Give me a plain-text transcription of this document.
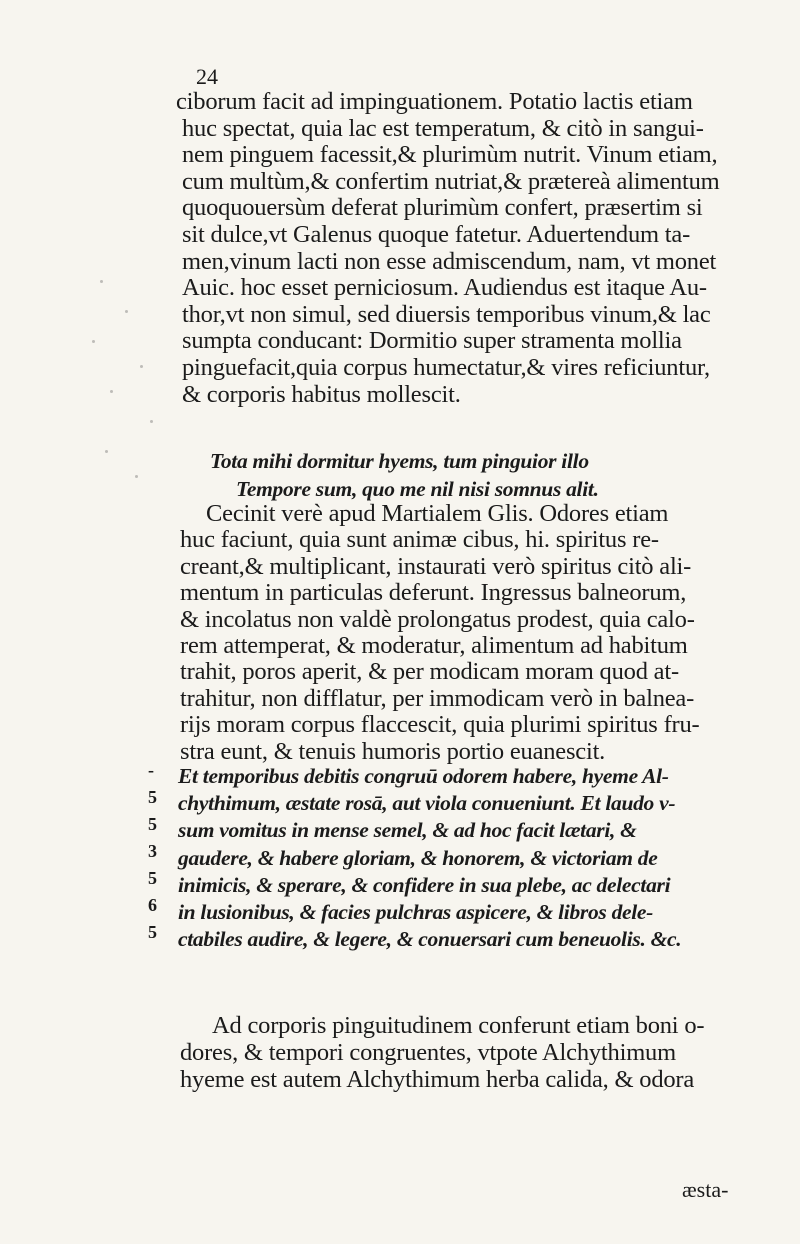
24
ciborum facit ad impinguationem. Potatio lactis etiam
huc spectat, quia lac est temperatum, & citò in sangui-
nem pinguem facessit,& plurimùm nutrit. Vinum etiam,
cum multùm,& confertim nutriat,& prætereà alimentum
quoquouersùm deferat plurimùm confert, præsertim si
sit dulce,vt Galenus quoque fatetur. Aduertendum ta-
men,vinum lacti non esse admiscendum, nam, vt monet
Auic. hoc esset perniciosum. Audiendus est itaque Au-
thor,vt non simul, sed diuersis temporibus vinum,& lac
sumpta conducant: Dormitio super stramenta mollia
pinguefacit,quia corpus humectatur,& vires reficiuntur,
& corporis habitus mollescit.
Tota mihi dormitur hyems, tum pinguior illo
Tempore sum, quo me nil nisi somnus alit.
Cecinit verè apud Martialem Glis. Odores etiam
huc faciunt, quia sunt animæ cibus, hi. spiritus re-
creant,& multiplicant, instaurati verò spiritus citò ali-
mentum in particulas deferunt. Ingressus balneorum,
& incolatus non valdè prolongatus prodest, quia calo-
rem attemperat, & moderatur, alimentum ad habitum
trahit, poros aperit, & per modicam moram quod at-
trahitur, non difflatur, per immodicam verò in balnea-
rijs moram corpus flaccescit, quia plurimi spiritus fru-
stra eunt, & tenuis humoris portio euanescit.
Et temporibus debitis congruū odorem habere, hyeme Al-
chythimum, æstate rosā, aut viola conueniunt. Et laudo v-
sum vomitus in mense semel, & ad hoc facit lætari, &
gaudere, & habere gloriam, & honorem, & victoriam de
inimicis, & sperare, & confidere in sua plebe, ac delectari
in lusionibus, & facies pulchras aspicere, & libros dele-
ctabiles audire, & legere, & conuersari cum beneuolis. &c.
Ad corporis pinguitudinem conferunt etiam boni o-
dores, & tempori congruentes, vtpote Alchythimum
hyeme est autem Alchythimum herba calida, & odora
-
5
5
3
5
6
5
æsta-
